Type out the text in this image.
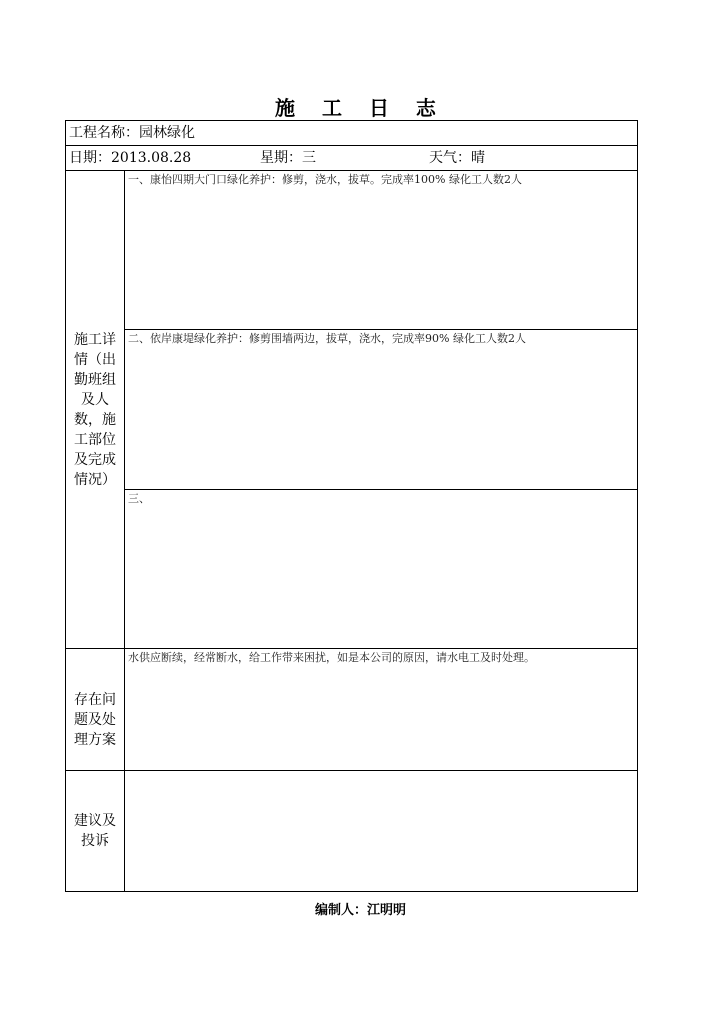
施 工 日 志
工程名称：园林绿化
日期：2013.08.28	星期：三	天气：晴
施工详情（出勤班组及人数，施工部位及完成情况）
一、康怡四期大门口绿化养护：修剪，浇水，拔草。完成率100% 绿化工人数2人
二、依岸康堤绿化养护：修剪围墙两边，拔草，浇水，完成率90% 绿化工人数2人
三、
存在问题及处理方案
水供应断续，经常断水，给工作带来困扰，如是本公司的原因，请水电工及时处理。
建议及投诉
编制人：江明明
